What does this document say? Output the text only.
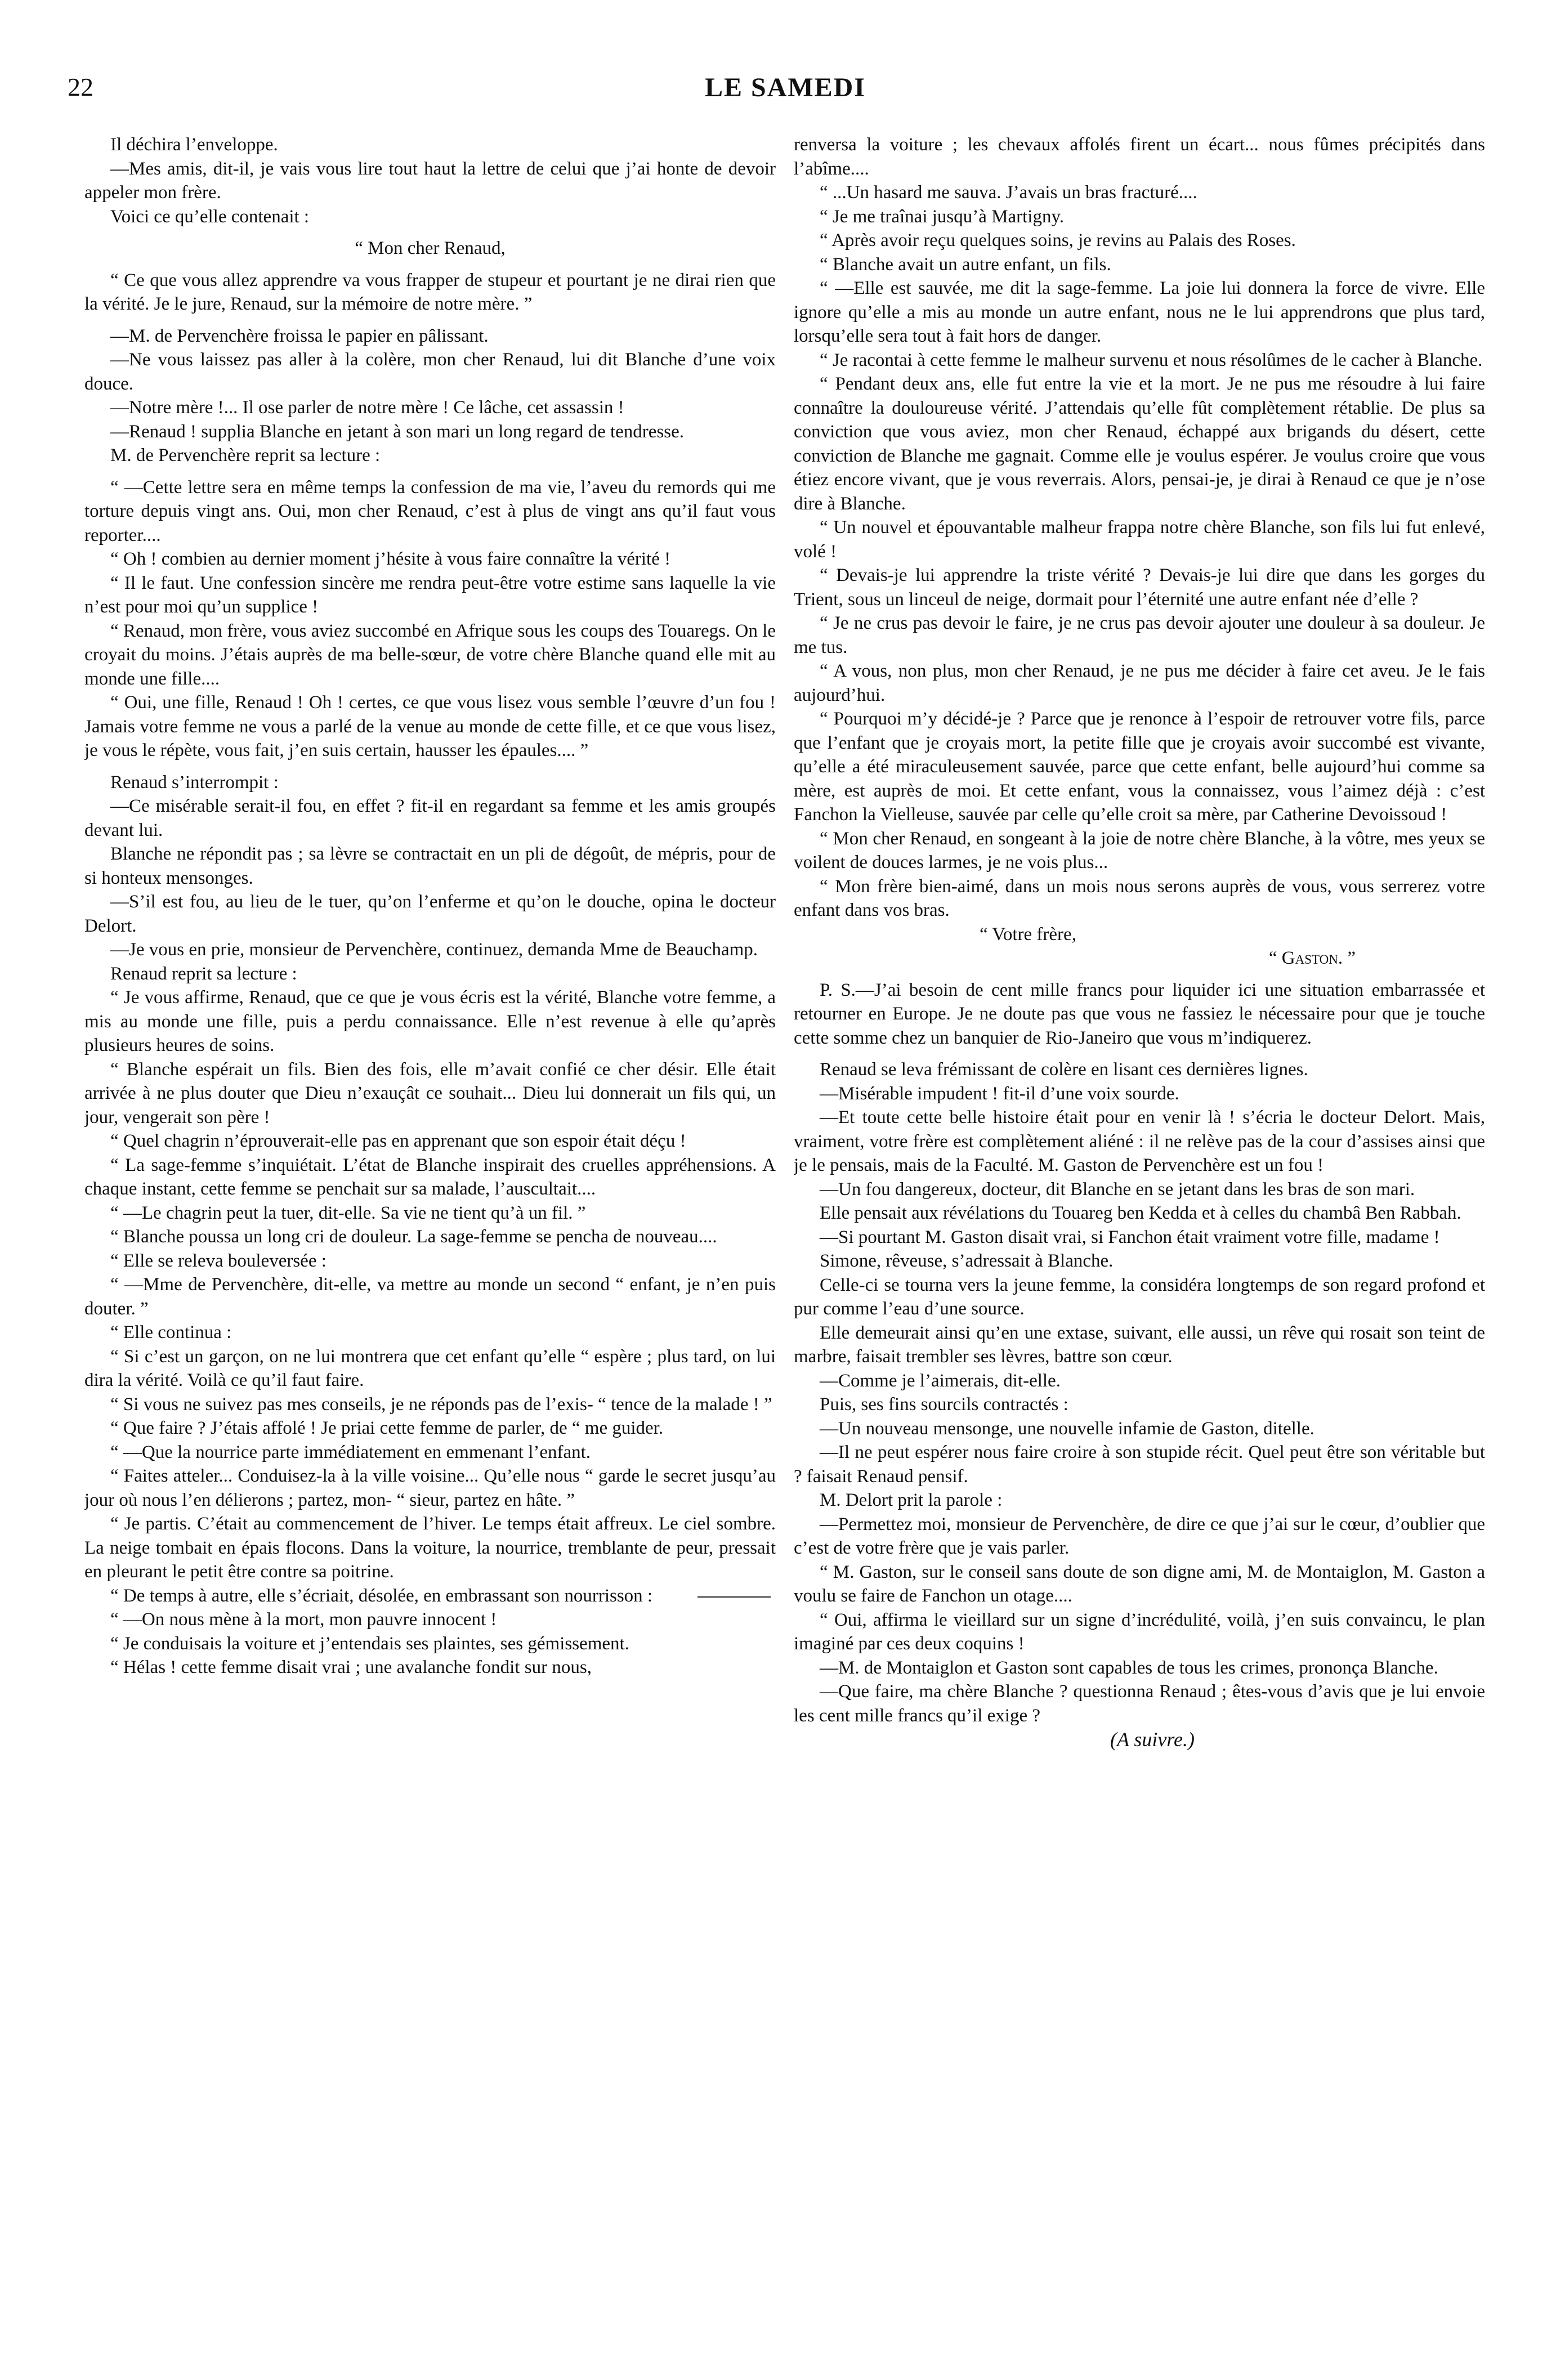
22	LE SAMEDI

Il déchira l’enveloppe.

—Mes amis, dit-il, je vais vous lire tout haut la lettre de celui que j’ai honte de devoir appeler mon frère.

Voici ce qu’elle contenait :

“ Mon cher Renaud,

“ Ce que vous allez apprendre va vous frapper de stupeur et pourtant je ne dirai rien que la vérité. Je le jure, Renaud, sur la mémoire de notre mère. ”

—M. de Pervenchère froissa le papier en pâlissant.

—Ne vous laissez pas aller à la colère, mon cher Renaud, lui dit Blanche d’une voix douce.

—Notre mère !... Il ose parler de notre mère ! Ce lâche, cet assassin !

—Renaud ! supplia Blanche en jetant à son mari un long regard de tendresse.

M. de Pervenchère reprit sa lecture :

“ —Cette lettre sera en même temps la confession de ma vie, l’aveu du remords qui me torture depuis vingt ans. Oui, mon cher Renaud, c’est à plus de vingt ans qu’il faut vous reporter....

“ Oh ! combien au dernier moment j’hésite à vous faire connaître la vérité !

“ Il le faut. Une confession sincère me rendra peut-être votre estime sans laquelle la vie n’est pour moi qu’un supplice !

“ Renaud, mon frère, vous aviez succombé en Afrique sous les coups des Touaregs. On le croyait du moins. J’étais auprès de ma belle-sœur, de votre chère Blanche quand elle mit au monde une fille....

“ Oui, une fille, Renaud ! Oh ! certes, ce que vous lisez vous semble l’œuvre d’un fou ! Jamais votre femme ne vous a parlé de la venue au monde de cette fille, et ce que vous lisez, je vous le répète, vous fait, j’en suis certain, hausser les épaules.... ”

Renaud s’interrompit :

—Ce misérable serait-il fou, en effet ? fit-il en regardant sa femme et les amis groupés devant lui.

Blanche ne répondit pas ; sa lèvre se contractait en un pli de dégoût, de mépris, pour de si honteux mensonges.

—S’il est fou, au lieu de le tuer, qu’on l’enferme et qu’on le douche, opina le docteur Delort.

—Je vous en prie, monsieur de Pervenchère, continuez, demanda Mme de Beauchamp.

Renaud reprit sa lecture :

“ Je vous affirme, Renaud, que ce que je vous écris est la vérité, Blanche votre femme, a mis au monde une fille, puis a perdu connaissance. Elle n’est revenue à elle qu’après plusieurs heures de soins.

“ Blanche espérait un fils. Bien des fois, elle m’avait confié ce cher désir. Elle était arrivée à ne plus douter que Dieu n’exauçât ce souhait... Dieu lui donnerait un fils qui, un jour, vengerait son père !

“ Quel chagrin n’éprouverait-elle pas en apprenant que son espoir était déçu !

“ La sage-femme s’inquiétait. L’état de Blanche inspirait des cruelles appréhensions. A chaque instant, cette femme se penchait sur sa malade, l’auscultait....

“ —Le chagrin peut la tuer, dit-elle. Sa vie ne tient qu’à un fil. ”

“ Blanche poussa un long cri de douleur. La sage-femme se pencha de nouveau....

“ Elle se releva bouleversée :

“ —Mme de Pervenchère, dit-elle, va mettre au monde un second “ enfant, je n’en puis douter. ”

“ Elle continua :

“ Si c’est un garçon, on ne lui montrera que cet enfant qu’elle “ espère ; plus tard, on lui dira la vérité. Voilà ce qu’il faut faire.

“ Si vous ne suivez pas mes conseils, je ne réponds pas de l’exis- “ tence de la malade ! ”

“ Que faire ? J’étais affolé ! Je priai cette femme de parler, de “ me guider.

“ —Que la nourrice parte immédiatement en emmenant l’enfant.

“ Faites atteler... Conduisez-la à la ville voisine... Qu’elle nous “ garde le secret jusqu’au jour où nous l’en délierons ; partez, mon- “ sieur, partez en hâte. ”

“ Je partis. C’était au commencement de l’hiver. Le temps était affreux. Le ciel sombre. La neige tombait en épais flocons. Dans la voiture, la nourrice, tremblante de peur, pressait en pleurant le petit être contre sa poitrine.

“ De temps à autre, elle s’écriait, désolée, en embrassant son nourrisson :

“ —On nous mène à la mort, mon pauvre innocent !

“ Je conduisais la voiture et j’entendais ses plaintes, ses gémissement.

“ Hélas ! cette femme disait vrai ; une avalanche fondit sur nous,

renversa la voiture ; les chevaux affolés firent un écart... nous fûmes précipités dans l’abîme....

“ ...Un hasard me sauva. J’avais un bras fracturé....

“ Je me traînai jusqu’à Martigny.

“ Après avoir reçu quelques soins, je revins au Palais des Roses.

“ Blanche avait un autre enfant, un fils.

“ —Elle est sauvée, me dit la sage-femme. La joie lui donnera la force de vivre. Elle ignore qu’elle a mis au monde un autre enfant, nous ne le lui apprendrons que plus tard, lorsqu’elle sera tout à fait hors de danger.

“ Je racontai à cette femme le malheur survenu et nous résolûmes de le cacher à Blanche.

“ Pendant deux ans, elle fut entre la vie et la mort. Je ne pus me résoudre à lui faire connaître la douloureuse vérité. J’attendais qu’elle fût complètement rétablie. De plus sa conviction que vous aviez, mon cher Renaud, échappé aux brigands du désert, cette conviction de Blanche me gagnait. Comme elle je voulus espérer. Je voulus croire que vous étiez encore vivant, que je vous reverrais. Alors, pensai-je, je dirai à Renaud ce que je n’ose dire à Blanche.

“ Un nouvel et épouvantable malheur frappa notre chère Blanche, son fils lui fut enlevé, volé !

“ Devais-je lui apprendre la triste vérité ? Devais-je lui dire que dans les gorges du Trient, sous un linceul de neige, dormait pour l’éternité une autre enfant née d’elle ?

“ Je ne crus pas devoir le faire, je ne crus pas devoir ajouter une douleur à sa douleur. Je me tus.

“ A vous, non plus, mon cher Renaud, je ne pus me décider à faire cet aveu. Je le fais aujourd’hui.

“ Pourquoi m’y décidé-je ? Parce que je renonce à l’espoir de retrouver votre fils, parce que l’enfant que je croyais mort, la petite fille que je croyais avoir succombé est vivante, qu’elle a été miraculeusement sauvée, parce que cette enfant, belle aujourd’hui comme sa mère, est auprès de moi. Et cette enfant, vous la connaissez, vous l’aimez déjà : c’est Fanchon la Vielleuse, sauvée par celle qu’elle croit sa mère, par Catherine Devoissoud !

“ Mon cher Renaud, en songeant à la joie de notre chère Blanche, à la vôtre, mes yeux se voilent de douces larmes, je ne vois plus...

“ Mon frère bien-aimé, dans un mois nous serons auprès de vous, vous serrerez votre enfant dans vos bras.

“ Votre frère,

“ Gaston. ”

P. S.—J’ai besoin de cent mille francs pour liquider ici une situation embarrassée et retourner en Europe. Je ne doute pas que vous ne fassiez le nécessaire pour que je touche cette somme chez un banquier de Rio-Janeiro que vous m’indiquerez.

Renaud se leva frémissant de colère en lisant ces dernières lignes.

—Misérable impudent ! fit-il d’une voix sourde.

—Et toute cette belle histoire était pour en venir là ! s’écria le docteur Delort. Mais, vraiment, votre frère est complètement aliéné : il ne relève pas de la cour d’assises ainsi que je le pensais, mais de la Faculté. M. Gaston de Pervenchère est un fou !

—Un fou dangereux, docteur, dit Blanche en se jetant dans les bras de son mari.

Elle pensait aux révélations du Touareg ben Kedda et à celles du chambâ Ben Rabbah.

—Si pourtant M. Gaston disait vrai, si Fanchon était vraiment votre fille, madame !

Simone, rêveuse, s’adressait à Blanche.

Celle-ci se tourna vers la jeune femme, la considéra longtemps de son regard profond et pur comme l’eau d’une source.

Elle demeurait ainsi qu’en une extase, suivant, elle aussi, un rêve qui rosait son teint de marbre, faisait trembler ses lèvres, battre son cœur.

—Comme je l’aimerais, dit-elle.

Puis, ses fins sourcils contractés :

—Un nouveau mensonge, une nouvelle infamie de Gaston, ditelle.

—Il ne peut espérer nous faire croire à son stupide récit. Quel peut être son véritable but ? faisait Renaud pensif.

M. Delort prit la parole :

—Permettez moi, monsieur de Pervenchère, de dire ce que j’ai sur le cœur, d’oublier que c’est de votre frère que je vais parler.

“ M. Gaston, sur le conseil sans doute de son digne ami, M. de Montaiglon, M. Gaston a voulu se faire de Fanchon un otage....

“ Oui, affirma le vieillard sur un signe d’incrédulité, voilà, j’en suis convaincu, le plan imaginé par ces deux coquins !

—M. de Montaiglon et Gaston sont capables de tous les crimes, prononça Blanche.

—Que faire, ma chère Blanche ? questionna Renaud ; êtes-vous d’avis que je lui envoie les cent mille francs qu’il exige ?

(A suivre.)
